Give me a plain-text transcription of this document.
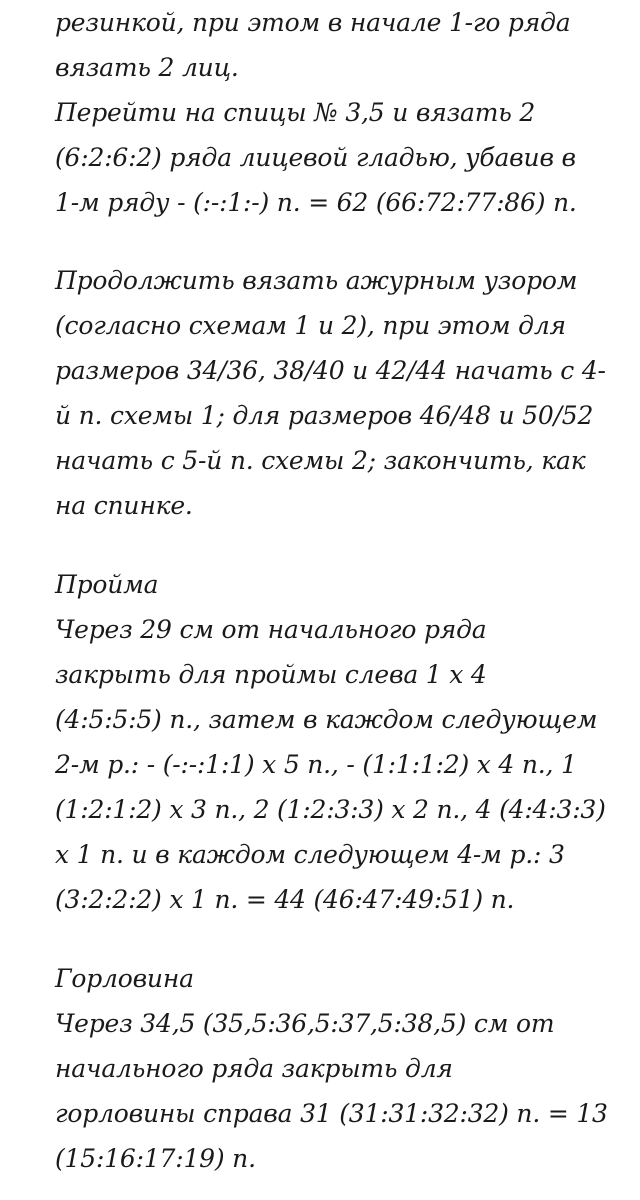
резинкой, при этом в начале 1-го ряда
вязать 2 лиц.
Перейти на спицы № 3,5 и вязать 2
(6:2:6:2) ряда лицевой гладью, убавив в
1-м ряду - (:-:1:-) п. = 62 (66:72:77:86) п.
Продолжить вязать ажурным узором
(согласно схемам 1 и 2), при этом для
размеров 34/36, 38/40 и 42/44 начать с 4-
й п. схемы 1; для размеров 46/48 и 50/52
начать с 5-й п. схемы 2; закончить, как
на спинке.
Пройма
Через 29 см от начального ряда
закрыть для проймы слева 1 х 4
(4:5:5:5) п., затем в каждом следующем
2-м р.: - (-:-:1:1) х 5 п., - (1:1:1:2) х 4 п., 1
(1:2:1:2) х 3 п., 2 (1:2:3:3) х 2 п., 4 (4:4:3:3)
х 1 п. и в каждом следующем 4-м р.: 3
(3:2:2:2) х 1 п. = 44 (46:47:49:51) п.
Горловина
Через 34,5 (35,5:36,5:37,5:38,5) см от
начального ряда закрыть для
горловины справа 31 (31:31:32:32) п. = 13
(15:16:17:19) п.
